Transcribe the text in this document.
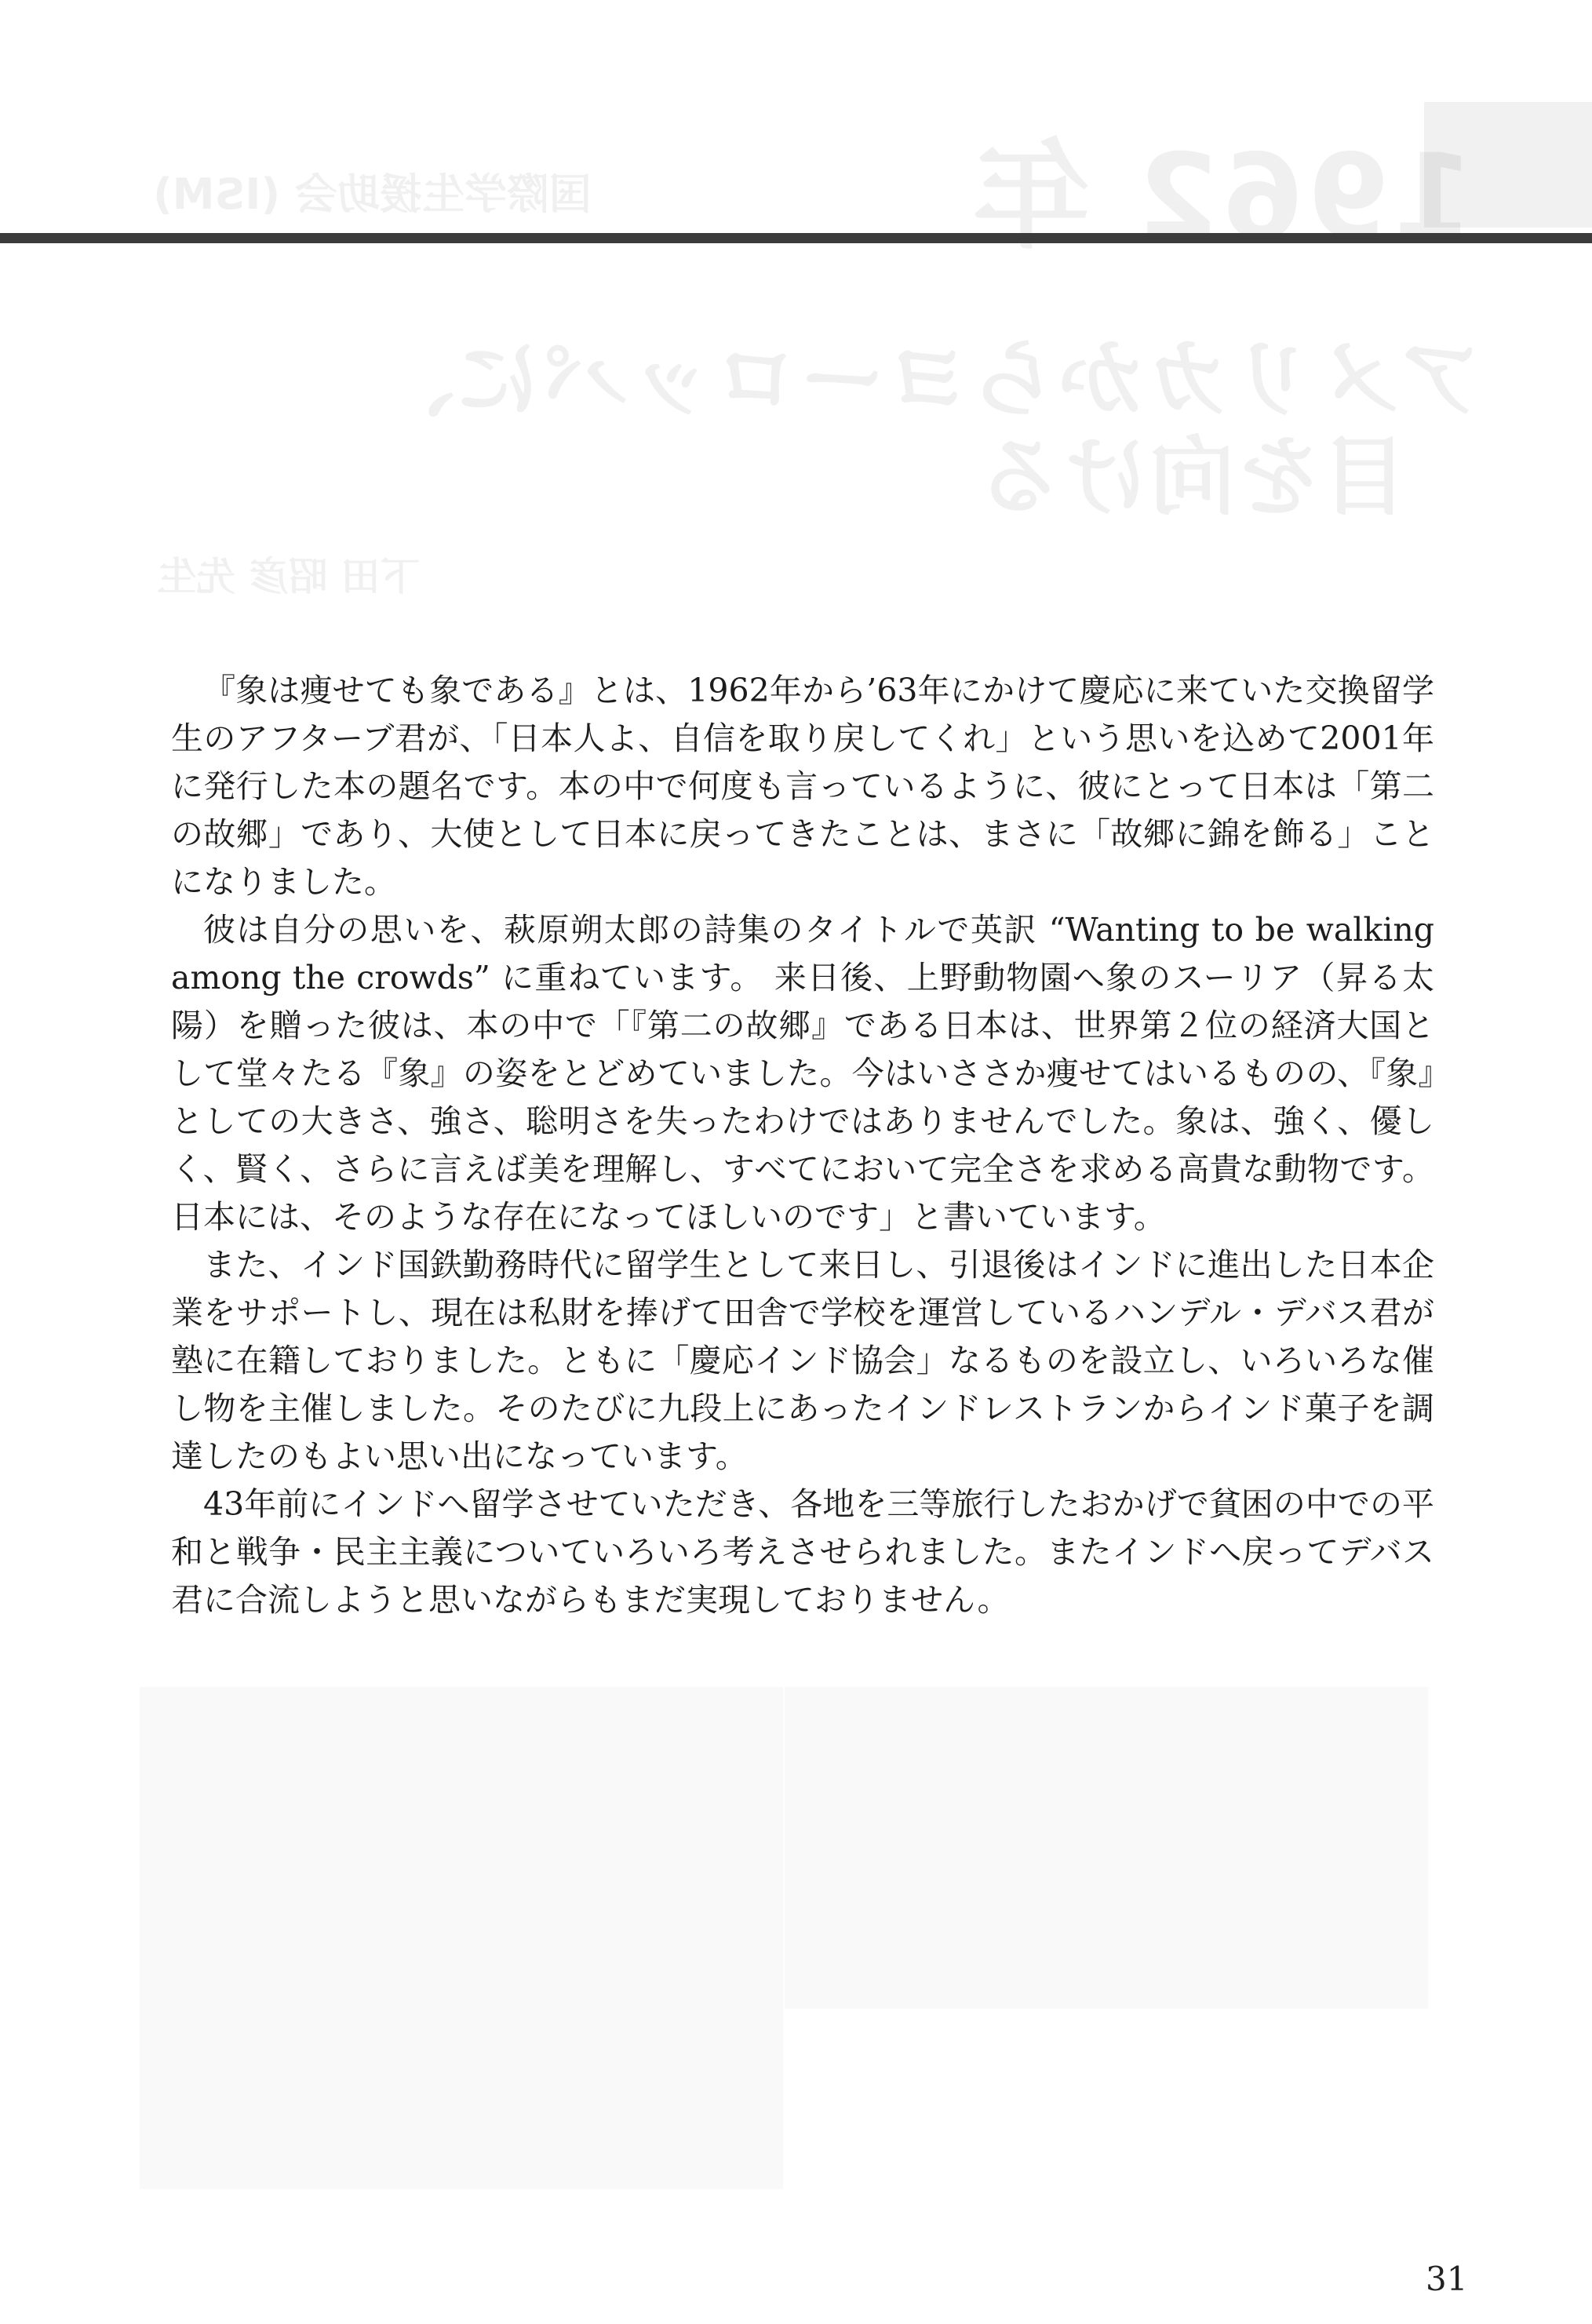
1962 年
国際学生援助会 (ISM)
アメリカからヨーロッパに、
目を向ける
下田 昭彦 先生

『象は痩せても象である』とは、1962年から’63年にかけて慶応に来ていた交換留学生のアフターブ君が、「日本人よ、自信を取り戻してくれ」という思いを込めて2001年に発行した本の題名です。本の中で何度も言っているように、彼にとって日本は「第二の故郷」であり、大使として日本に戻ってきたことは、まさに「故郷に錦を飾る」ことになりました。

彼は自分の思いを、萩原朔太郎の詩集のタイトルで英訳 “Wanting to be walking among the crowds” に重ねています。 来日後、上野動物園へ象のスーリア（昇る太陽）を贈った彼は、本の中で「『第二の故郷』である日本は、世界第２位の経済大国として堂々たる『象』の姿をとどめていました。今はいささか痩せてはいるものの、『象』としての大きさ、強さ、聡明さを失ったわけではありませんでした。象は、強く、優しく、賢く、さらに言えば美を理解し、すべてにおいて完全さを求める高貴な動物です。日本には、そのような存在になってほしいのです」と書いています。

また、インド国鉄勤務時代に留学生として来日し、引退後はインドに進出した日本企業をサポートし、現在は私財を捧げて田舎で学校を運営しているハンデル・デバス君が塾に在籍しておりました。ともに「慶応インド協会」なるものを設立し、いろいろな催し物を主催しました。そのたびに九段上にあったインドレストランからインド菓子を調達したのもよい思い出になっています。

43年前にインドへ留学させていただき、各地を三等旅行したおかげで貧困の中での平和と戦争・民主主義についていろいろ考えさせられました。またインドへ戻ってデバス君に合流しようと思いながらもまだ実現しておりません。

31
